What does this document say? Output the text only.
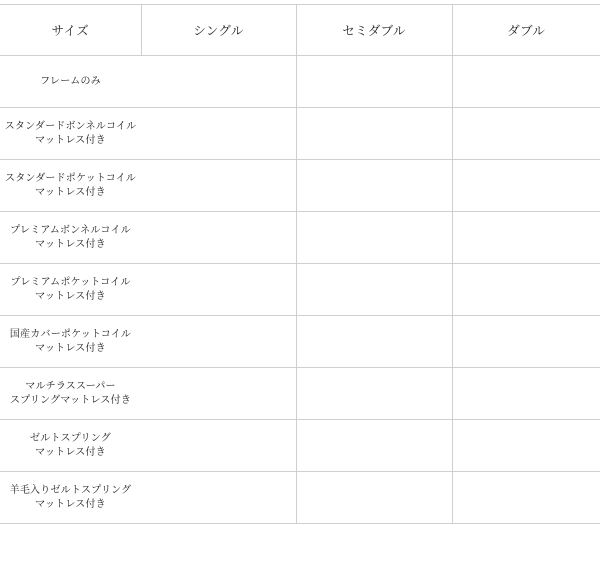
サイズ	シングル	セミダブル	ダブル

フレームのみ			

スタンダードボンネルコイル
マットレス付き			

スタンダードポケットコイル
マットレス付き			

プレミアムボンネルコイル
マットレス付き			

プレミアムポケットコイル
マットレス付き			

国産カバーポケットコイル
マットレス付き			

マルチラススーパー
スプリングマットレス付き			

ゼルトスプリング
マットレス付き			

羊毛入りゼルトスプリング
マットレス付き			
